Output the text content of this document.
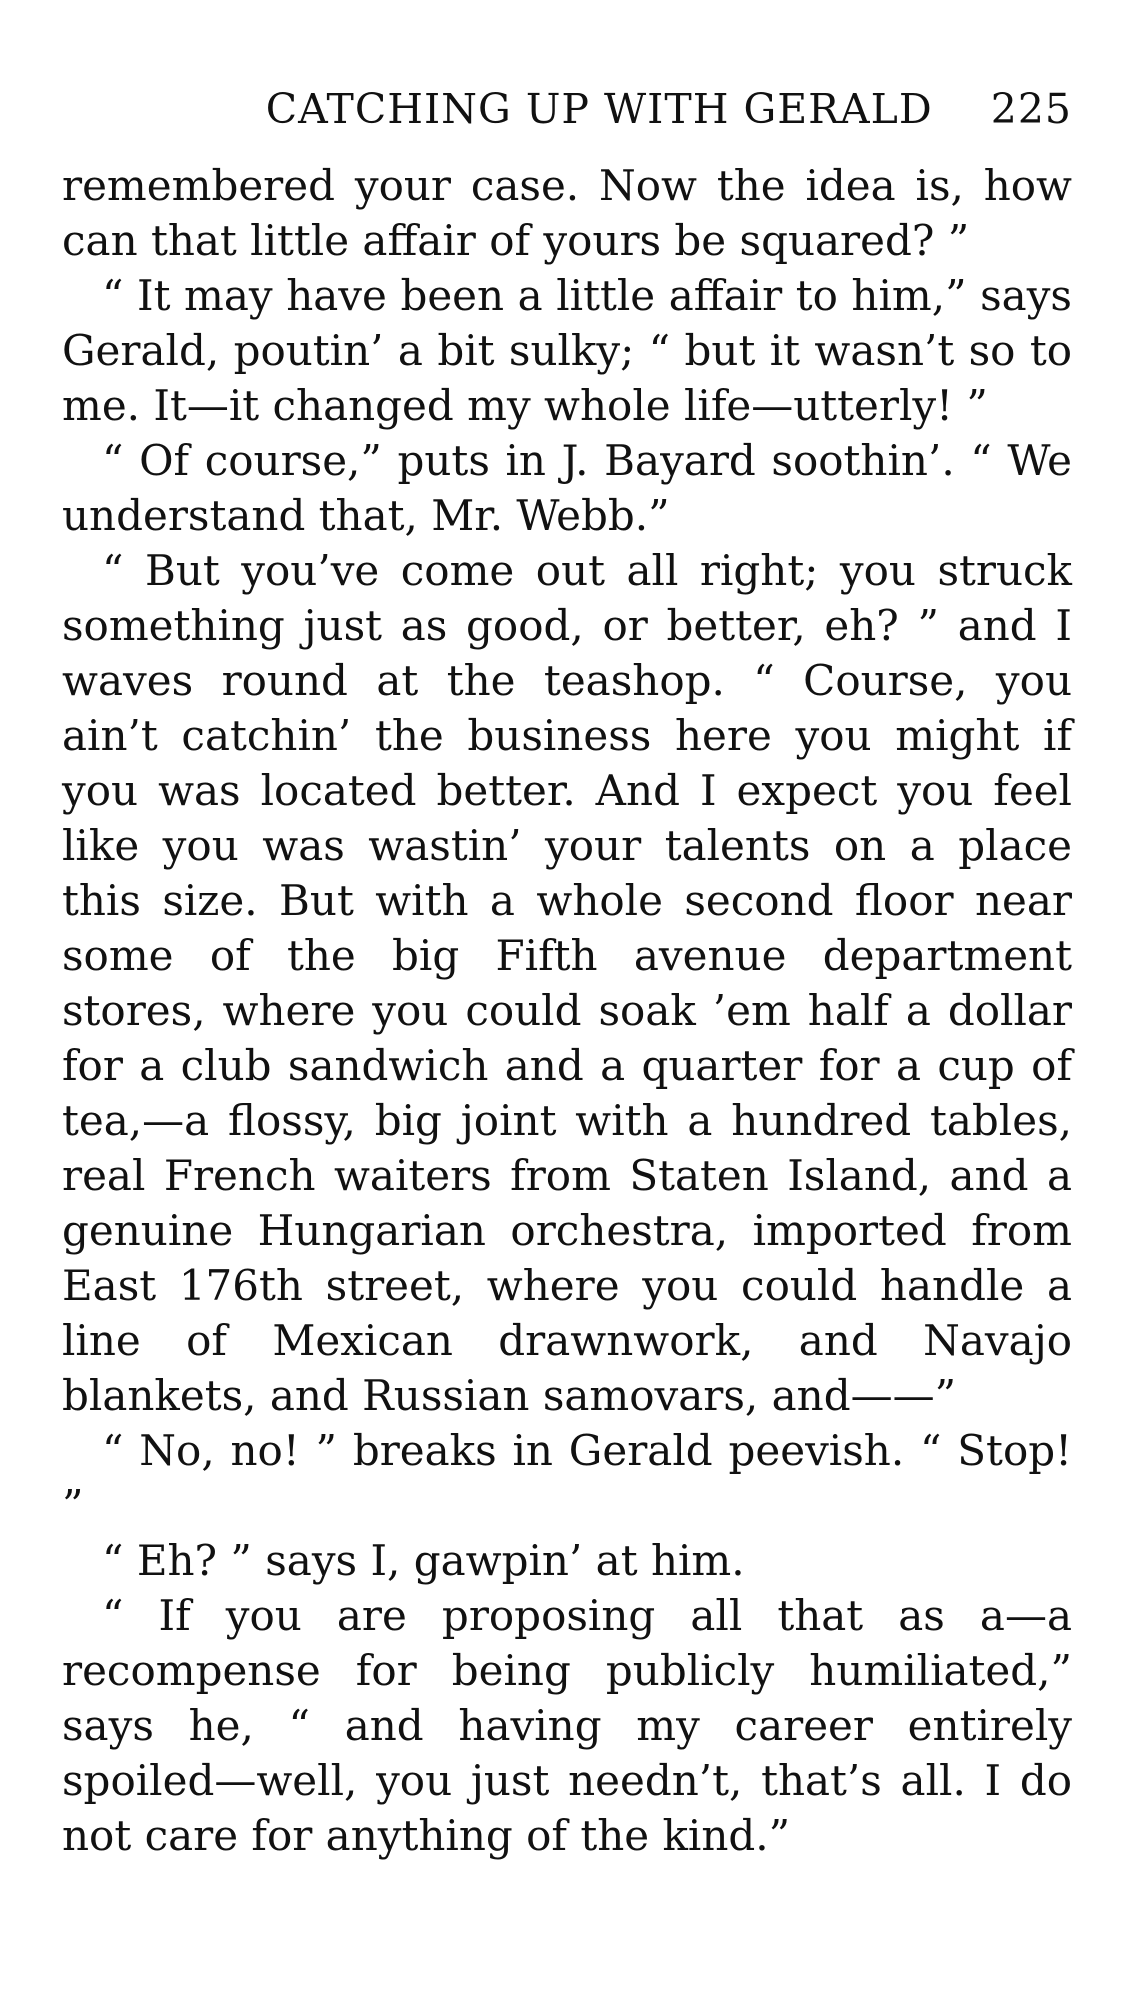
CATCHING UP WITH GERALD 225

remembered your case. Now the idea is, how can that little affair of yours be squared? ”

“ It may have been a little affair to him,” says Gerald, poutin’ a bit sulky; “ but it wasn’t so to me. It—it changed my whole life—utterly! ”

“ Of course,” puts in J. Bayard soothin’. “ We understand that, Mr. Webb.”

“ But you’ve come out all right; you struck something just as good, or better, eh? ” and I waves round at the teashop. “ Course, you ain’t catchin’ the business here you might if you was located better. And I expect you feel like you was wastin’ your talents on a place this size. But with a whole second floor near some of the big Fifth avenue department stores, where you could soak ’em half a dollar for a club sandwich and a quarter for a cup of tea,—a flossy, big joint with a hundred tables, real French waiters from Staten Island, and a genuine Hungarian orchestra, imported from East 176th street, where you could handle a line of Mexican drawnwork, and Navajo blankets, and Russian samovars, and——”

“ No, no! ” breaks in Gerald peevish. “ Stop! ”

“ Eh? ” says I, gawpin’ at him.

“ If you are proposing all that as a—a recompense for being publicly humiliated,” says he, “ and having my career entirely spoiled—well, you just needn’t, that’s all. I do not care for anything of the kind.”
